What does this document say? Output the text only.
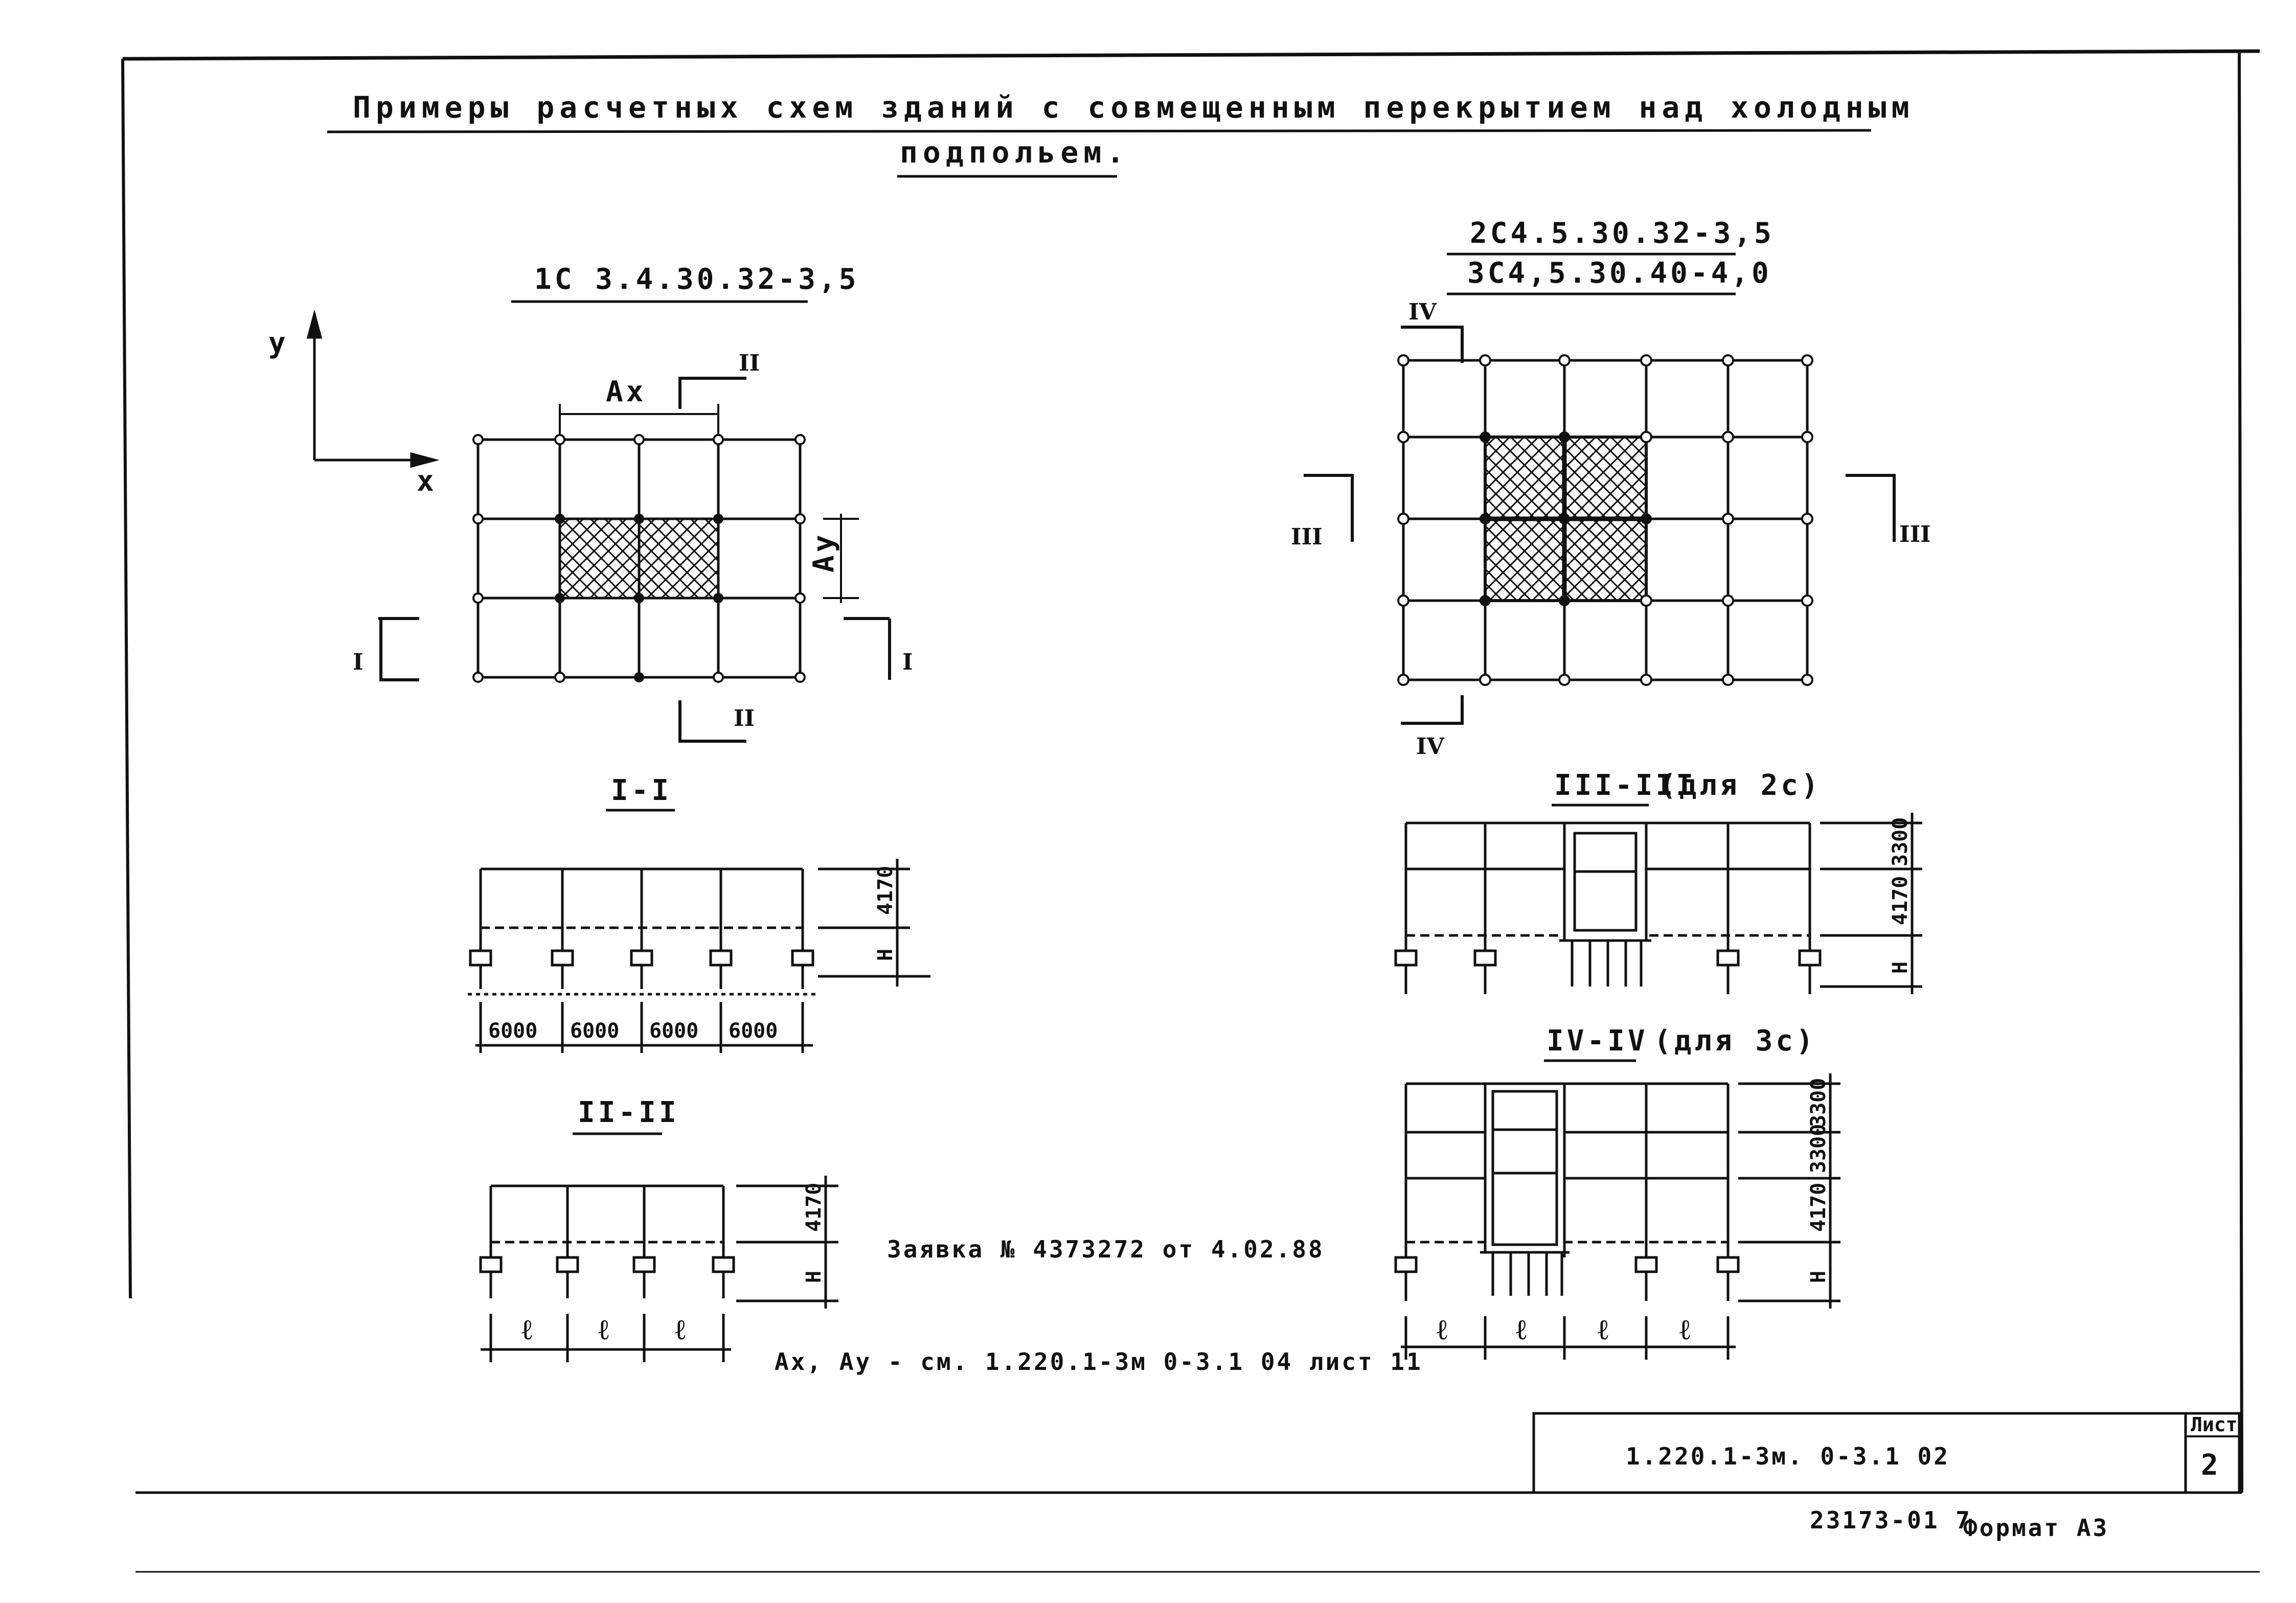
Примеры расчетных схем зданий с совмещенным перекрытием над холодным
подпольем.
1С 3.4.30.32-3,5
у
х
Ах
Ау
II
II
I	I
2С4.5.30.32-3,5
3С4,5.30.40-4,0
IV
IV
III	III
I-I
4170
Н
6000 6000 6000 6000
II-II
4170
Н
ℓ ℓ ℓ
III-III
(для 2с)
3300
4170
Н
IV-IV (для 3с)
3300
3300
4170
Н
ℓ ℓ ℓ ℓ
Заявка № 4373272 от 4.02.88
Ах, Ау - см. 1.220.1-3м 0-3.1 04 лист 11
1.220.1-3м. 0-3.1 02
Лист
2
23173-01 7
Формат А3
